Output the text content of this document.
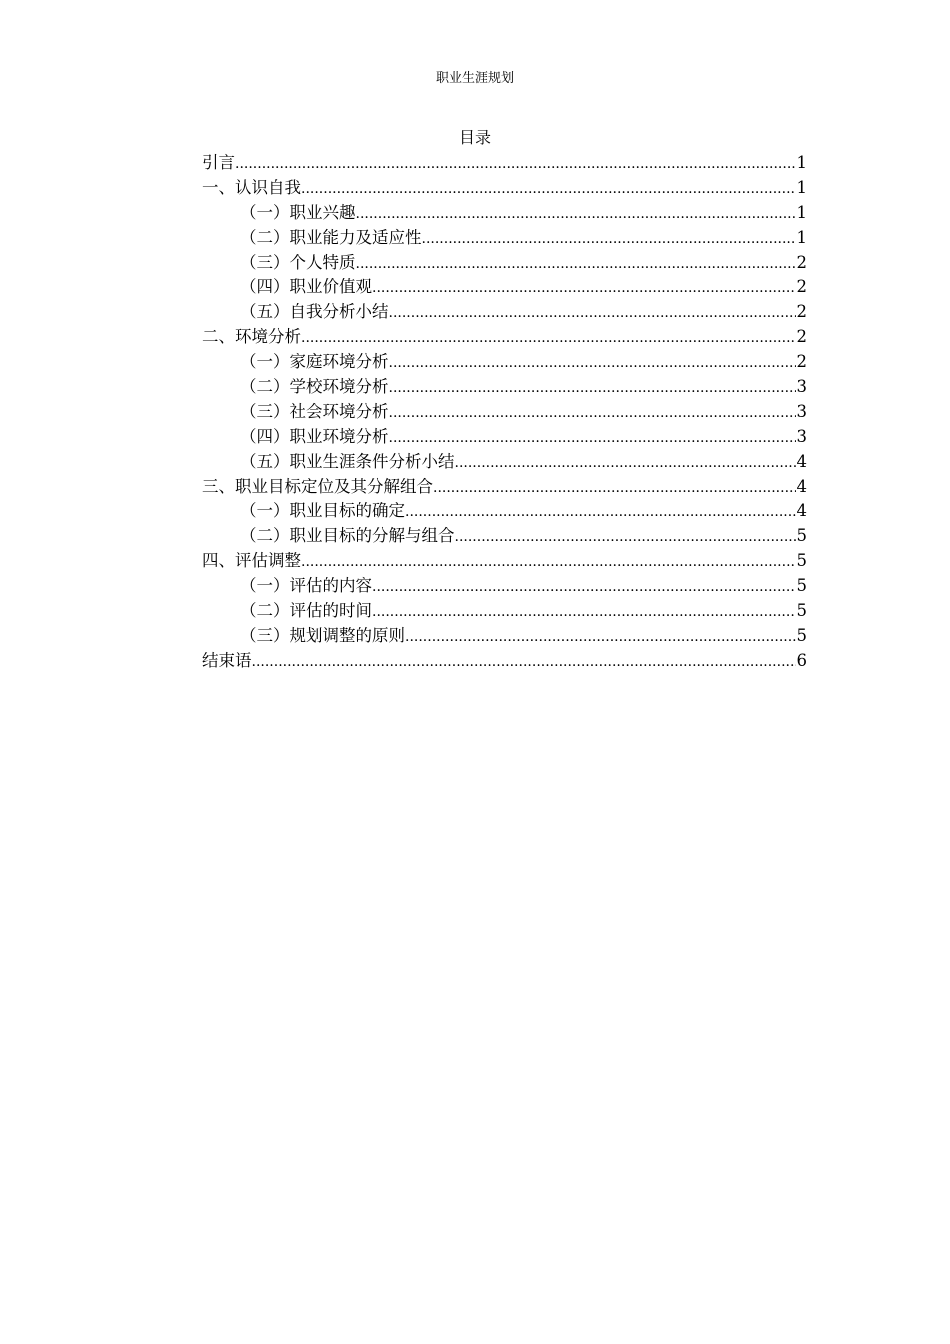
职业生涯规划
目录
引言 .....	1
一、认识自我 .....	1
（一）职业兴趣 .....	1
（二）职业能力及适应性 .....	1
（三）个人特质 .....	2
（四）职业价值观 .....	2
（五）自我分析小结 .....	2
二、环境分析 .....	2
（一）家庭环境分析 .....	2
（二）学校环境分析 .....	3
（三）社会环境分析 .....	3
（四）职业环境分析 .....	3
（五）职业生涯条件分析小结 .....	4
三、职业目标定位及其分解组合 .....	4
（一）职业目标的确定 .....	4
（二）职业目标的分解与组合 .....	5
四、评估调整 .....	5
（一）评估的内容 .....	5
（二）评估的时间 .....	5
（三）规划调整的原则 .....	5
结束语 .....	6
